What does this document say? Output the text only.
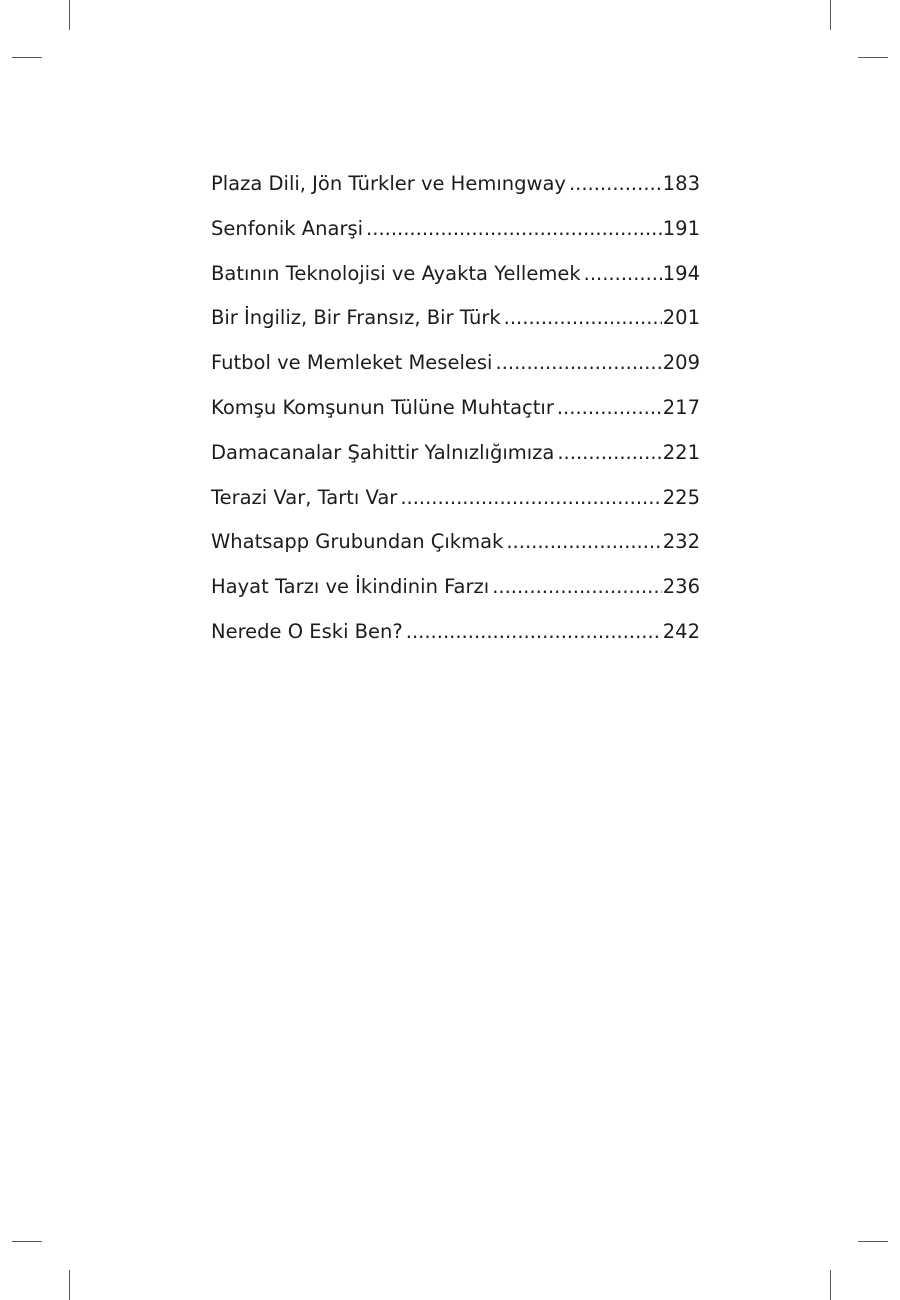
Plaza Dili, Jön Türkler ve Hemıngway .....	183
Senfonik Anarşi .....	191
Batının Teknolojisi ve Ayakta Yellemek .....	194
Bir İngiliz, Bir Fransız, Bir Türk .....	201
Futbol ve Memleket Meselesi .....	209
Komşu Komşunun Tülüne Muhtaçtır .....	217
Damacanalar Şahittir Yalnızlığımıza .....	221
Terazi Var, Tartı Var .....	225
Whatsapp Grubundan Çıkmak .....	232
Hayat Tarzı ve İkindinin Farzı .....	236
Nerede O Eski Ben? .....	242
